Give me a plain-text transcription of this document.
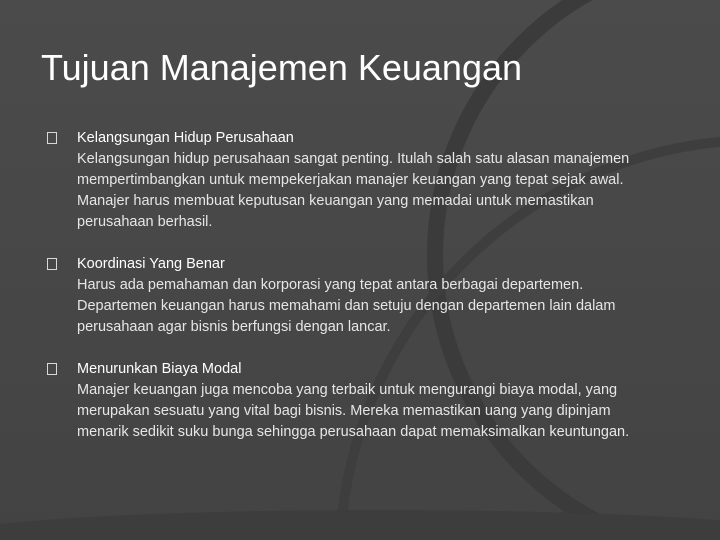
Tujuan Manajemen Keuangan
Kelangsungan Hidup Perusahaan
Kelangsungan hidup perusahaan sangat penting. Itulah salah satu alasan manajemen mempertimbangkan untuk mempekerjakan manajer keuangan yang tepat sejak awal. Manajer harus membuat keputusan keuangan yang memadai untuk memastikan perusahaan berhasil.
Koordinasi Yang Benar
Harus ada pemahaman dan korporasi yang tepat antara berbagai departemen. Departemen keuangan harus memahami dan setuju dengan departemen lain dalam perusahaan agar bisnis berfungsi dengan lancar.
Menurunkan Biaya Modal
Manajer keuangan juga mencoba yang terbaik untuk mengurangi biaya modal, yang merupakan sesuatu yang vital bagi bisnis. Mereka memastikan uang yang dipinjam menarik sedikit suku bunga sehingga perusahaan dapat memaksimalkan keuntungan.
